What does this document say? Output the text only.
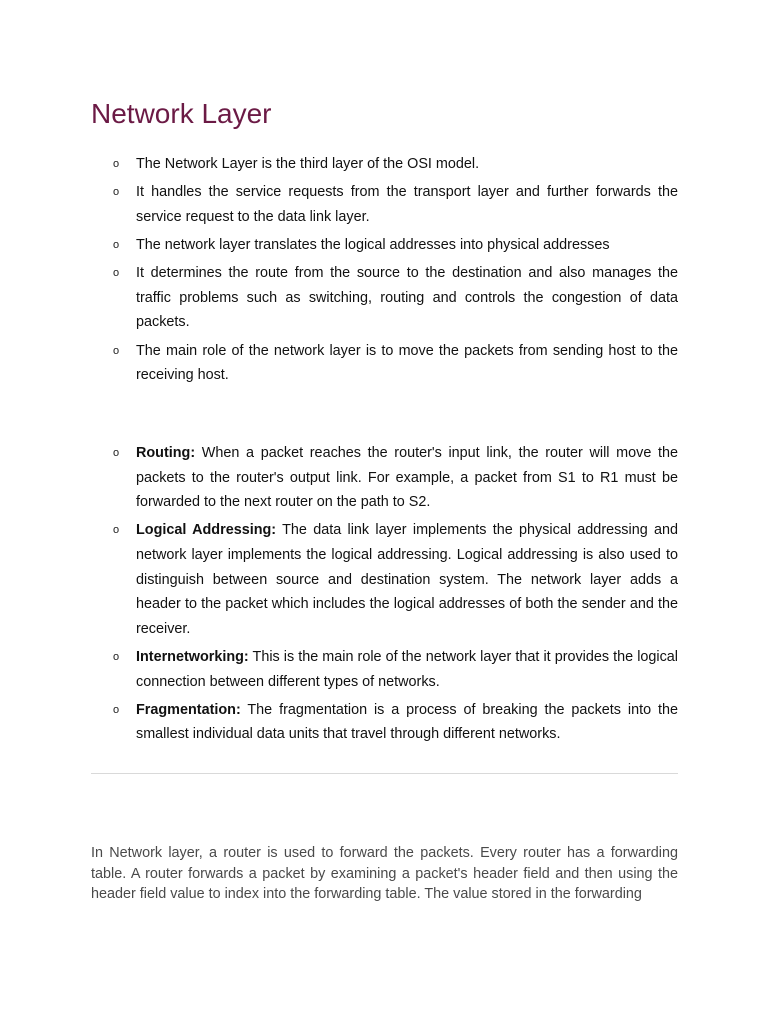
Network Layer
o The Network Layer is the third layer of the OSI model.
o It handles the service requests from the transport layer and further forwards the service request to the data link layer.
o The network layer translates the logical addresses into physical addresses
o It determines the route from the source to the destination and also manages the traffic problems such as switching, routing and controls the congestion of data packets.
o The main role of the network layer is to move the packets from sending host to the receiving host.
o Routing: When a packet reaches the router's input link, the router will move the packets to the router's output link. For example, a packet from S1 to R1 must be forwarded to the next router on the path to S2.
o Logical Addressing: The data link layer implements the physical addressing and network layer implements the logical addressing. Logical addressing is also used to distinguish between source and destination system. The network layer adds a header to the packet which includes the logical addresses of both the sender and the receiver.
o Internetworking: This is the main role of the network layer that it provides the logical connection between different types of networks.
o Fragmentation: The fragmentation is a process of breaking the packets into the smallest individual data units that travel through different networks.

In Network layer, a router is used to forward the packets. Every router has a forwarding table. A router forwards a packet by examining a packet's header field and then using the header field value to index into the forwarding table. The value stored in the forwarding
